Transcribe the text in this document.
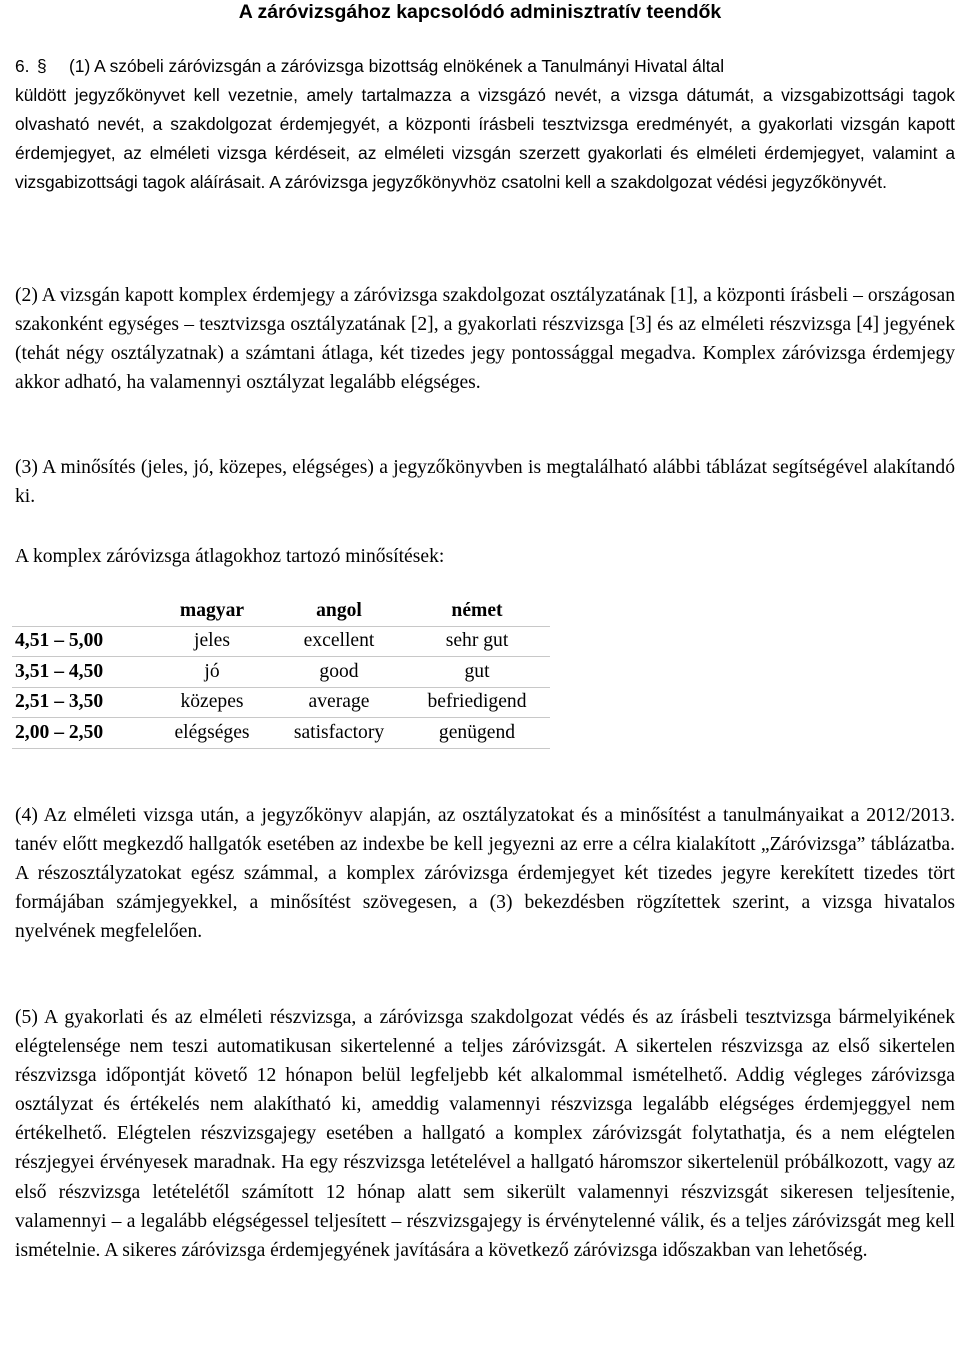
A záróvizsgához kapcsolódó adminisztratív teendők
6. § (1) A szóbeli záróvizsgán a záróvizsga bizottság elnökének a Tanulmányi Hivatal által
küldött jegyzőkönyvet kell vezetnie, amely tartalmazza a vizsgázó nevét, a vizsga dátumát, a vizsgabizottsági tagok olvasható nevét, a szakdolgozat érdemjegyét, a központi írásbeli tesztvizsga eredményét, a gyakorlati vizsgán kapott érdemjegyet, az elméleti vizsga kérdéseit, az elméleti vizsgán szerzett gyakorlati és elméleti érdemjegyet, valamint a vizsgabizottsági tagok aláírásait. A záróvizsga jegyzőkönyvhöz csatolni kell a szakdolgozat védési jegyzőkönyvét.
(2) A vizsgán kapott komplex érdemjegy a záróvizsga szakdolgozat osztályzatának [1], a központi írásbeli – országosan szakonként egységes – tesztvizsga osztályzatának [2], a gyakorlati részvizsga [3] és az elméleti részvizsga [4] jegyének (tehát négy osztályzatnak) a számtani átlaga, két tizedes jegy pontossággal megadva. Komplex záróvizsga érdemjegy akkor adható, ha valamennyi osztályzat legalább elégséges.
(3) A minősítés (jeles, jó, közepes, elégséges) a jegyzőkönyvben is megtalálható alábbi táblázat segítségével alakítandó ki.
A komplex záróvizsga átlagokhoz tartozó minősítések:
	magyar	angol	német
4,51 – 5,00	jeles	excellent	sehr gut
3,51 – 4,50	jó	good	gut
2,51 – 3,50	közepes	average	befriedigend
2,00 – 2,50	elégséges	satisfactory	genügend
(4) Az elméleti vizsga után, a jegyzőkönyv alapján, az osztályzatokat és a minősítést a tanulmányaikat a 2012/2013. tanév előtt megkezdő hallgatók esetében az indexbe be kell jegyezni az erre a célra kialakított „Záróvizsga” táblázatba. A részosztályzatokat egész számmal, a komplex záróvizsga érdemjegyet két tizedes jegyre kerekített tizedes tört formájában számjegyekkel, a minősítést szövegesen, a (3) bekezdésben rögzítettek szerint, a vizsga hivatalos nyelvének megfelelően.
(5) A gyakorlati és az elméleti részvizsga, a záróvizsga szakdolgozat védés és az írásbeli tesztvizsga bármelyikének elégtelensége nem teszi automatikusan sikertelenné a teljes záróvizsgát. A sikertelen részvizsga az első sikertelen részvizsga időpontját követő 12 hónapon belül legfeljebb két alkalommal ismételhető. Addig végleges záróvizsga osztályzat és értékelés nem alakítható ki, ameddig valamennyi részvizsga legalább elégséges érdemjeggyel nem értékelhető. Elégtelen részvizsgajegy esetében a hallgató a komplex záróvizsgát folytathatja, és a nem elégtelen részjegyei érvényesek maradnak. Ha egy részvizsga letételével a hallgató háromszor sikertelenül próbálkozott, vagy az első részvizsga letételétől számított 12 hónap alatt sem sikerült valamennyi részvizsgát sikeresen teljesítenie, valamennyi – a legalább elégségessel teljesített – részvizsgajegy is érvénytelenné válik, és a teljes záróvizsgát meg kell ismételnie. A sikeres záróvizsga érdemjegyének javítására a következő záróvizsga időszakban van lehetőség.
